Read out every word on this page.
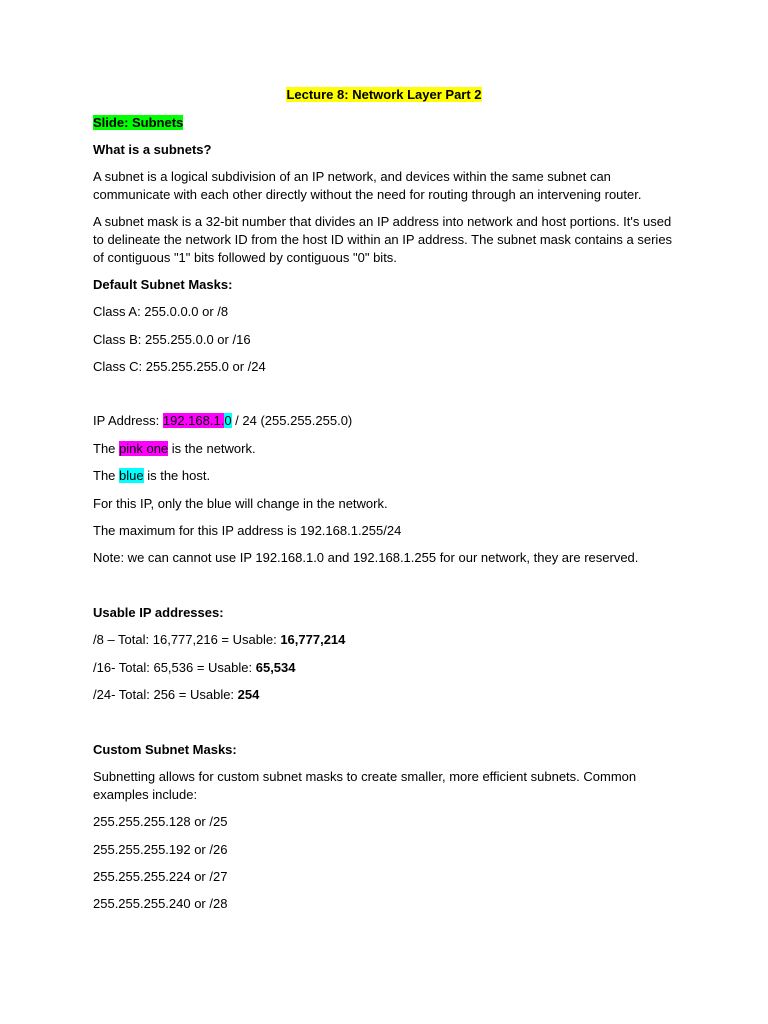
Lecture 8: Network Layer Part 2
Slide: Subnets
What is a subnets?
A subnet is a logical subdivision of an IP network, and devices within the same subnet can
communicate with each other directly without the need for routing through an intervening router.
A subnet mask is a 32-bit number that divides an IP address into network and host portions. It's used
to delineate the network ID from the host ID within an IP address. The subnet mask contains a series
of contiguous "1" bits followed by contiguous "0" bits.
Default Subnet Masks:
Class A: 255.0.0.0 or /8
Class B: 255.255.0.0 or /16
Class C: 255.255.255.0 or /24
IP Address: 192.168.1.0 / 24 (255.255.255.0)
The pink one is the network.
The blue is the host.
For this IP, only the blue will change in the network.
The maximum for this IP address is 192.168.1.255/24
Note: we can cannot use IP 192.168.1.0 and 192.168.1.255 for our network, they are reserved.
Usable IP addresses:
/8 – Total: 16,777,216 = Usable: 16,777,214
/16- Total: 65,536 = Usable: 65,534
/24- Total: 256 = Usable: 254
Custom Subnet Masks:
Subnetting allows for custom subnet masks to create smaller, more efficient subnets. Common
examples include:
255.255.255.128 or /25
255.255.255.192 or /26
255.255.255.224 or /27
255.255.255.240 or /28
